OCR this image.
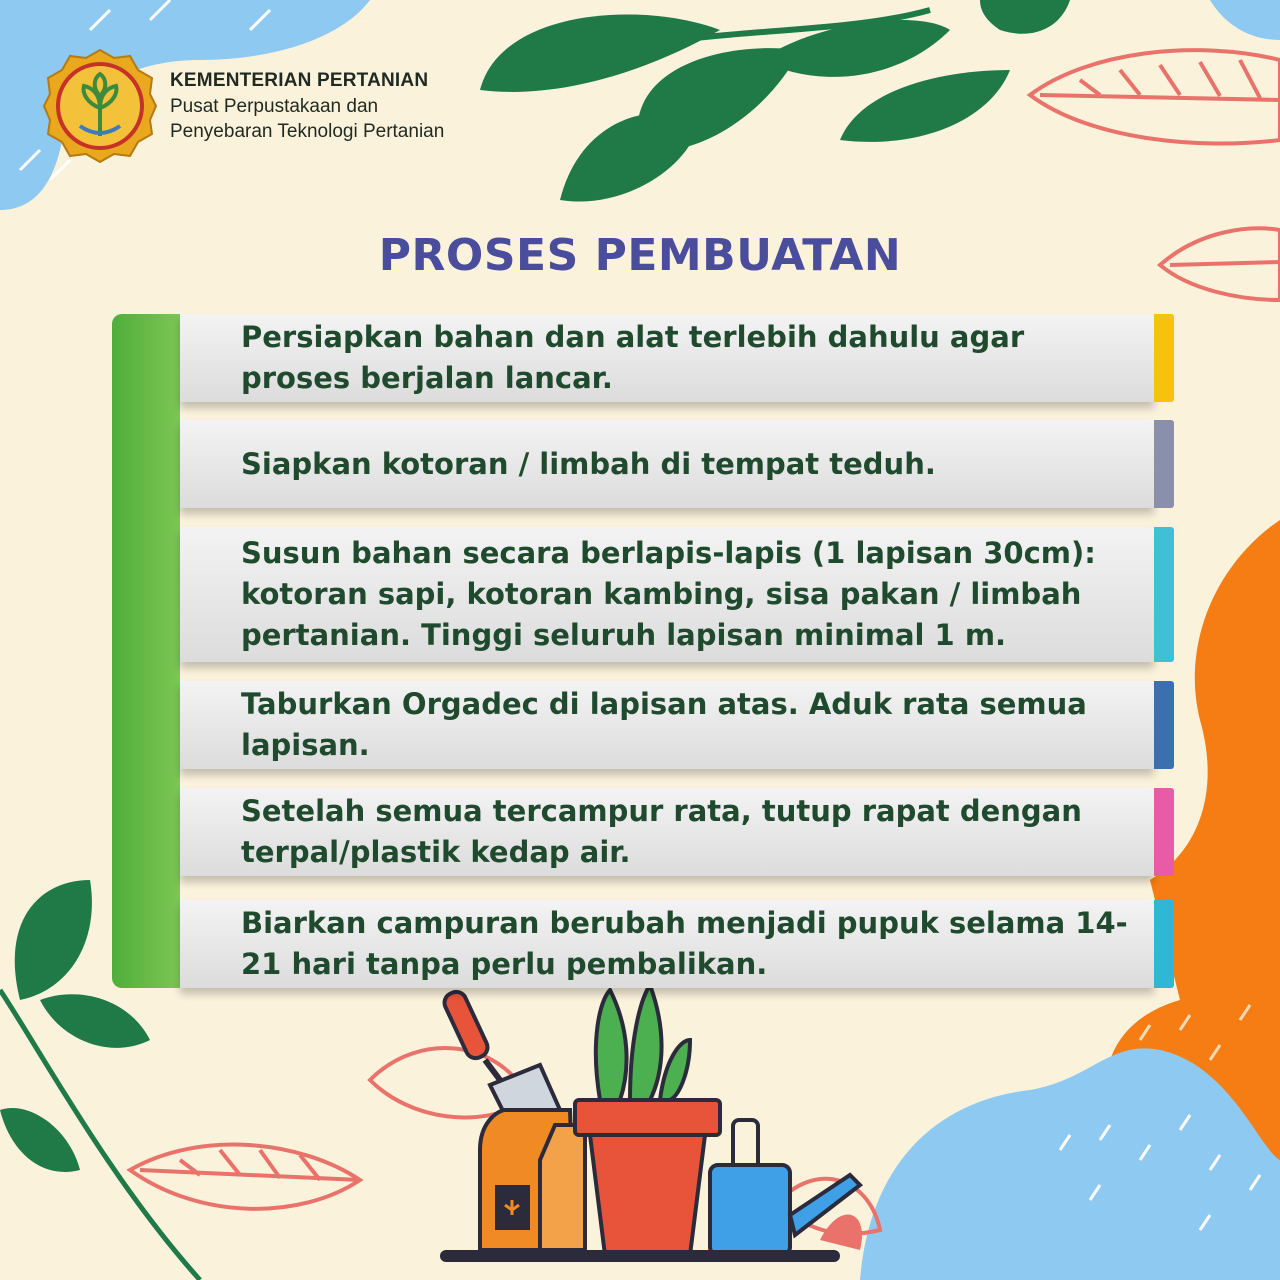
KEMENTERIAN PERTANIAN
Pusat Perpustakaan dan
Penyebaran Teknologi Pertanian
PROSES PEMBUATAN
Persiapkan bahan dan alat terlebih dahulu agar proses berjalan lancar.
Siapkan kotoran / limbah di tempat teduh.
Susun bahan secara berlapis-lapis (1 lapisan 30cm): kotoran sapi, kotoran kambing, sisa pakan / limbah pertanian. Tinggi seluruh lapisan minimal 1 m.
Taburkan Orgadec di lapisan atas. Aduk rata semua lapisan.
Setelah semua tercampur rata, tutup rapat dengan terpal/plastik kedap air.
Biarkan campuran berubah menjadi pupuk selama 14-21 hari tanpa perlu pembalikan.
